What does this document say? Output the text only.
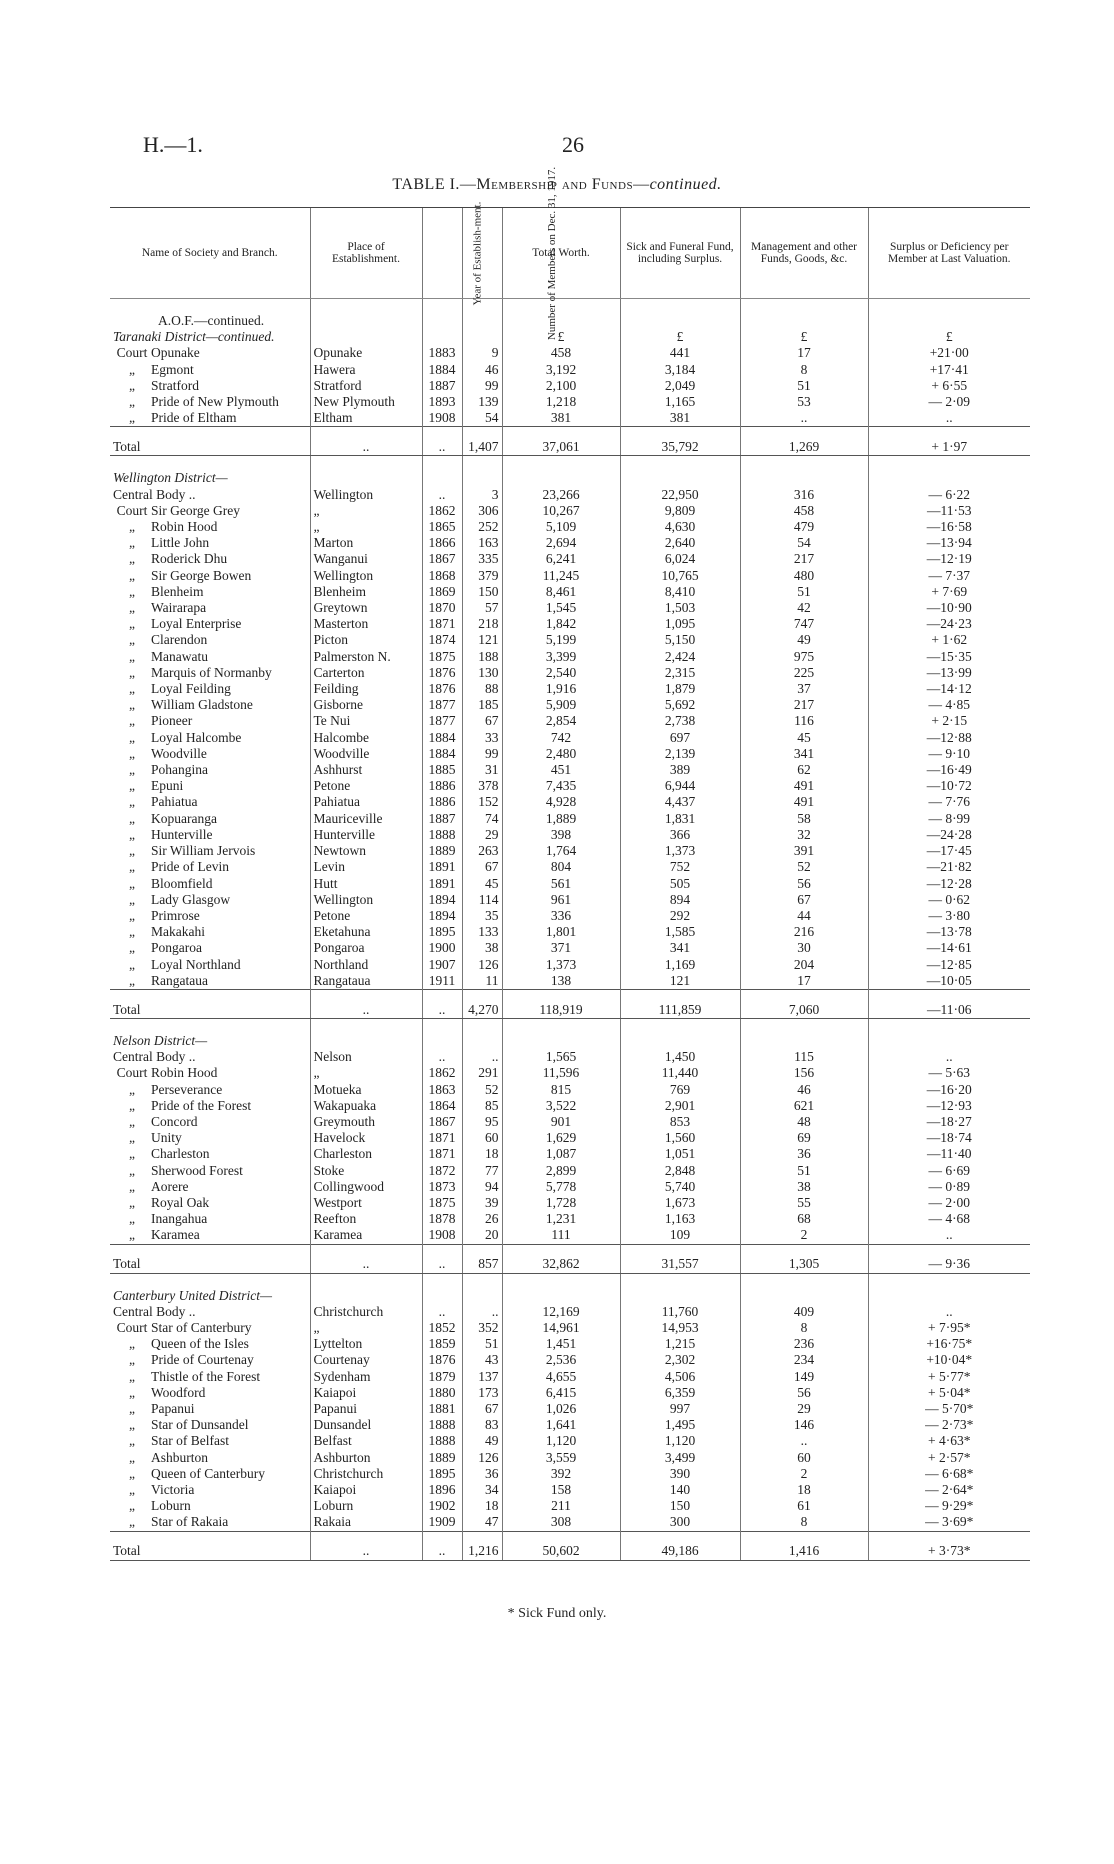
H.—1.	26
TABLE I.—Membership and Funds—continued.
Name of Society and Branch.	Place of Establishment.	Year of Establish-ment.	Number of Members on Dec. 31, 1917.	Total Worth.	Sick and Funeral Fund, including Surplus.	Management and other Funds, Goods, &c.	Surplus or Deficiency per Member at Last Valuation.

A.O.F.—continued.							
Taranaki District—continued.				£	£	£	£
Court Opunake	Opunake	1883	9	458	441	17	+21·00
„ Egmont	Hawera	1884	46	3,192	3,184	8	+17·41
„ Stratford	Stratford	1887	99	2,100	2,049	51	+ 6·55
„ Pride of New Plymouth	New Plymouth	1893	139	1,218	1,165	53	— 2·09
„ Pride of Eltham	Eltham	1908	54	381	381	..	..
Total	..	..	1,407	37,061	35,792	1,269	+ 1·97

Wellington District—							
Central Body ..	Wellington	..	3	23,266	22,950	316	— 6·22
Court Sir George Grey	„	1862	306	10,267	9,809	458	—11·53
„ Robin Hood	„	1865	252	5,109	4,630	479	—16·58
„ Little John	Marton	1866	163	2,694	2,640	54	—13·94
„ Roderick Dhu	Wanganui	1867	335	6,241	6,024	217	—12·19
„ Sir George Bowen	Wellington	1868	379	11,245	10,765	480	— 7·37
„ Blenheim	Blenheim	1869	150	8,461	8,410	51	+ 7·69
„ Wairarapa	Greytown	1870	57	1,545	1,503	42	—10·90
„ Loyal Enterprise	Masterton	1871	218	1,842	1,095	747	—24·23
„ Clarendon	Picton	1874	121	5,199	5,150	49	+ 1·62
„ Manawatu	Palmerston N.	1875	188	3,399	2,424	975	—15·35
„ Marquis of Normanby	Carterton	1876	130	2,540	2,315	225	—13·99
„ Loyal Feilding	Feilding	1876	88	1,916	1,879	37	—14·12
„ William Gladstone	Gisborne	1877	185	5,909	5,692	217	— 4·85
„ Pioneer	Te Nui	1877	67	2,854	2,738	116	+ 2·15
„ Loyal Halcombe	Halcombe	1884	33	742	697	45	—12·88
„ Woodville	Woodville	1884	99	2,480	2,139	341	— 9·10
„ Pohangina	Ashhurst	1885	31	451	389	62	—16·49
„ Epuni	Petone	1886	378	7,435	6,944	491	—10·72
„ Pahiatua	Pahiatua	1886	152	4,928	4,437	491	— 7·76
„ Kopuaranga	Mauriceville	1887	74	1,889	1,831	58	— 8·99
„ Hunterville	Hunterville	1888	29	398	366	32	—24·28
„ Sir William Jervois	Newtown	1889	263	1,764	1,373	391	—17·45
„ Pride of Levin	Levin	1891	67	804	752	52	—21·82
„ Bloomfield	Hutt	1891	45	561	505	56	—12·28
„ Lady Glasgow	Wellington	1894	114	961	894	67	— 0·62
„ Primrose	Petone	1894	35	336	292	44	— 3·80
„ Makakahi	Eketahuna	1895	133	1,801	1,585	216	—13·78
„ Pongaroa	Pongaroa	1900	38	371	341	30	—14·61
„ Loyal Northland	Northland	1907	126	1,373	1,169	204	—12·85
„ Rangataua	Rangataua	1911	11	138	121	17	—10·05
Total	..	..	4,270	118,919	111,859	7,060	—11·06

Nelson District—							
Central Body ..	Nelson	..	..	1,565	1,450	115	..
Court Robin Hood	„	1862	291	11,596	11,440	156	— 5·63
„ Perseverance	Motueka	1863	52	815	769	46	—16·20
„ Pride of the Forest	Wakapuaka	1864	85	3,522	2,901	621	—12·93
„ Concord	Greymouth	1867	95	901	853	48	—18·27
„ Unity	Havelock	1871	60	1,629	1,560	69	—18·74
„ Charleston	Charleston	1871	18	1,087	1,051	36	—11·40
„ Sherwood Forest	Stoke	1872	77	2,899	2,848	51	— 6·69
„ Aorere	Collingwood	1873	94	5,778	5,740	38	— 0·89
„ Royal Oak	Westport	1875	39	1,728	1,673	55	— 2·00
„ Inangahua	Reefton	1878	26	1,231	1,163	68	— 4·68
„ Karamea	Karamea	1908	20	111	109	2	..
Total	..	..	857	32,862	31,557	1,305	— 9·36

Canterbury United District—							
Central Body ..	Christchurch	..	..	12,169	11,760	409	..
Court Star of Canterbury	„	1852	352	14,961	14,953	8	+ 7·95*
„ Queen of the Isles	Lyttelton	1859	51	1,451	1,215	236	+16·75*
„ Pride of Courtenay	Courtenay	1876	43	2,536	2,302	234	+10·04*
„ Thistle of the Forest	Sydenham	1879	137	4,655	4,506	149	+ 5·77*
„ Woodford	Kaiapoi	1880	173	6,415	6,359	56	+ 5·04*
„ Papanui	Papanui	1881	67	1,026	997	29	— 5·70*
„ Star of Dunsandel	Dunsandel	1888	83	1,641	1,495	146	— 2·73*
„ Star of Belfast	Belfast	1888	49	1,120	1,120	..	+ 4·63*
„ Ashburton	Ashburton	1889	126	3,559	3,499	60	+ 2·57*
„ Queen of Canterbury	Christchurch	1895	36	392	390	2	— 6·68*
„ Victoria	Kaiapoi	1896	34	158	140	18	— 2·64*
„ Loburn	Loburn	1902	18	211	150	61	— 9·29*
„ Star of Rakaia	Rakaia	1909	47	308	300	8	— 3·69*
Total	..	..	1,216	50,602	49,186	1,416	+ 3·73*
* Sick Fund only.
